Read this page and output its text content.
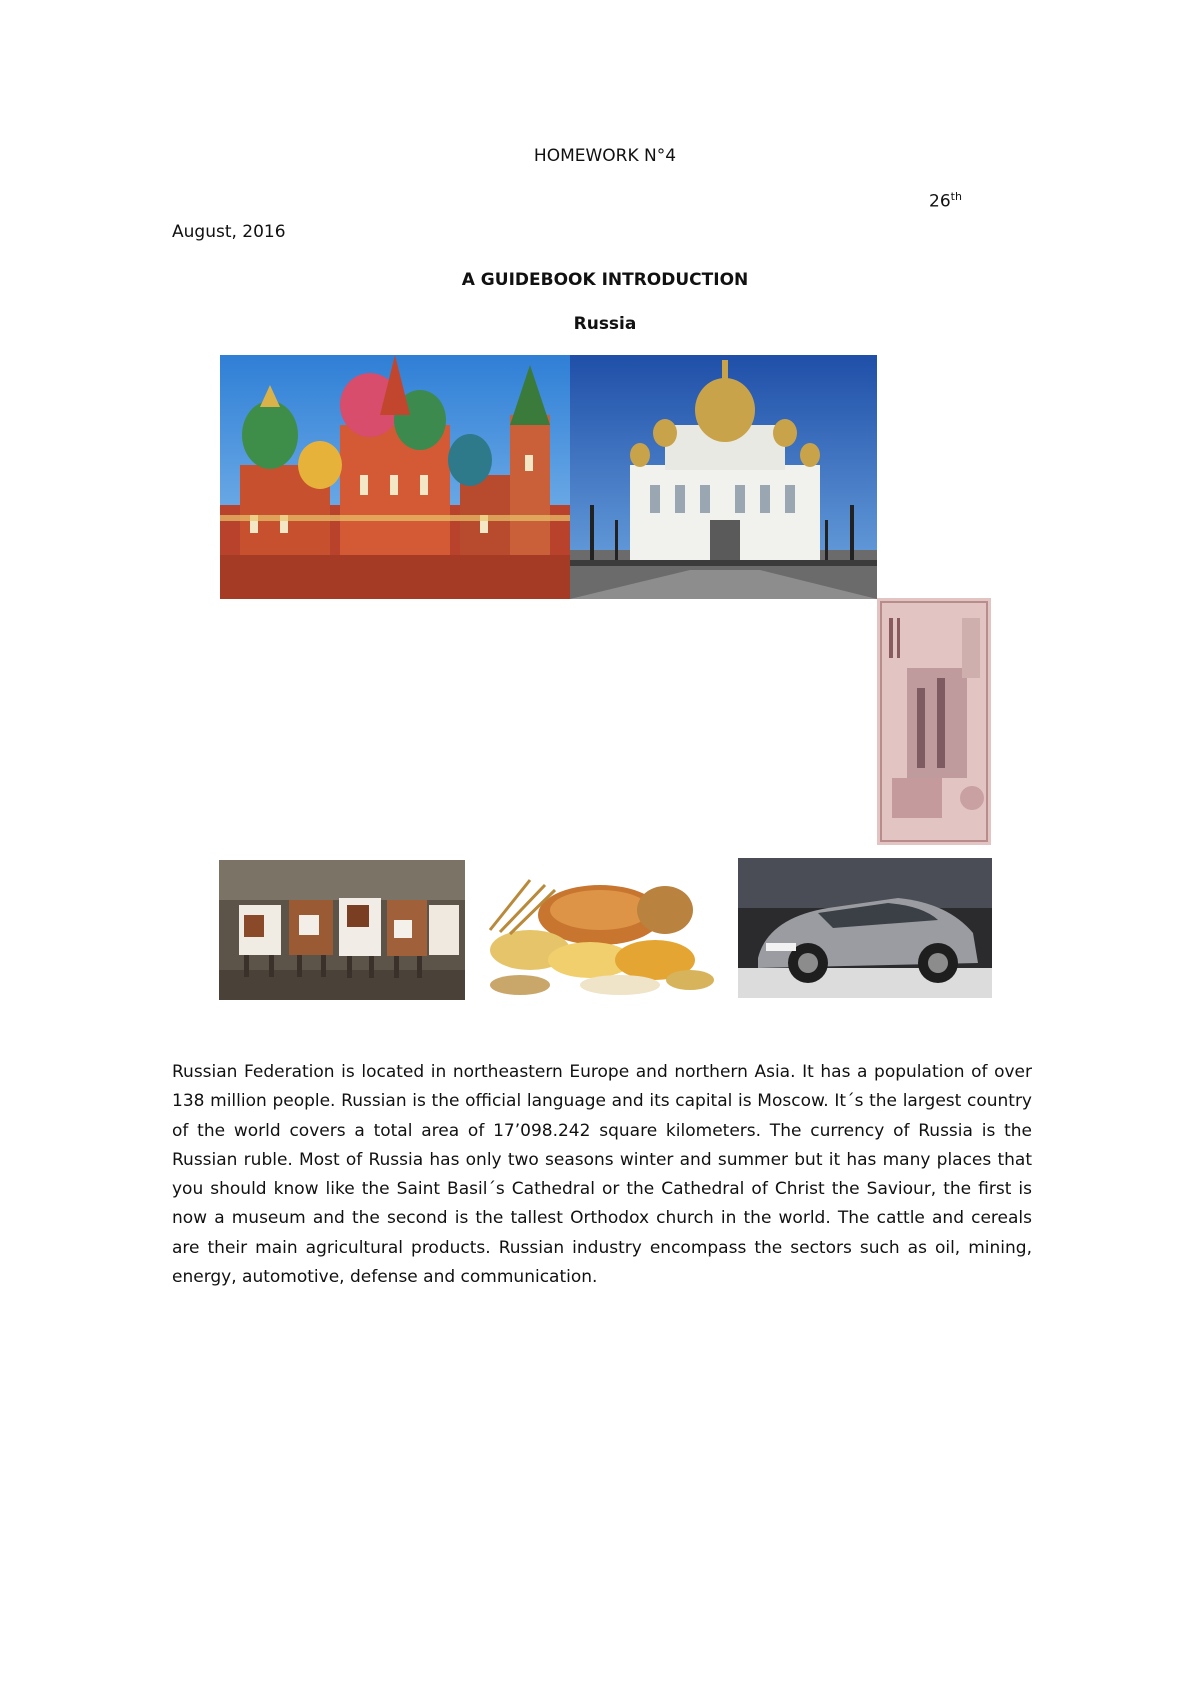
HOMEWORK N°4
26th
August, 2016
A GUIDEBOOK INTRODUCTION
Russia
Russian Federation is located in northeastern Europe and northern Asia. It has a population of over 138 million people. Russian is the official language and its capital is Moscow. It´s the largest country of the world covers a total area of 17’098.242 square kilometers. The currency of Russia is the Russian ruble. Most of Russia has only two seasons winter and summer but it has many places that you should know like the Saint Basil´s Cathedral or the Cathedral of Christ the Saviour, the first is now a museum and the second is the tallest Orthodox church in the world. The cattle and cereals are their main agricultural products. Russian industry encompass the sectors such as oil, mining, energy, automotive, defense and communication.
